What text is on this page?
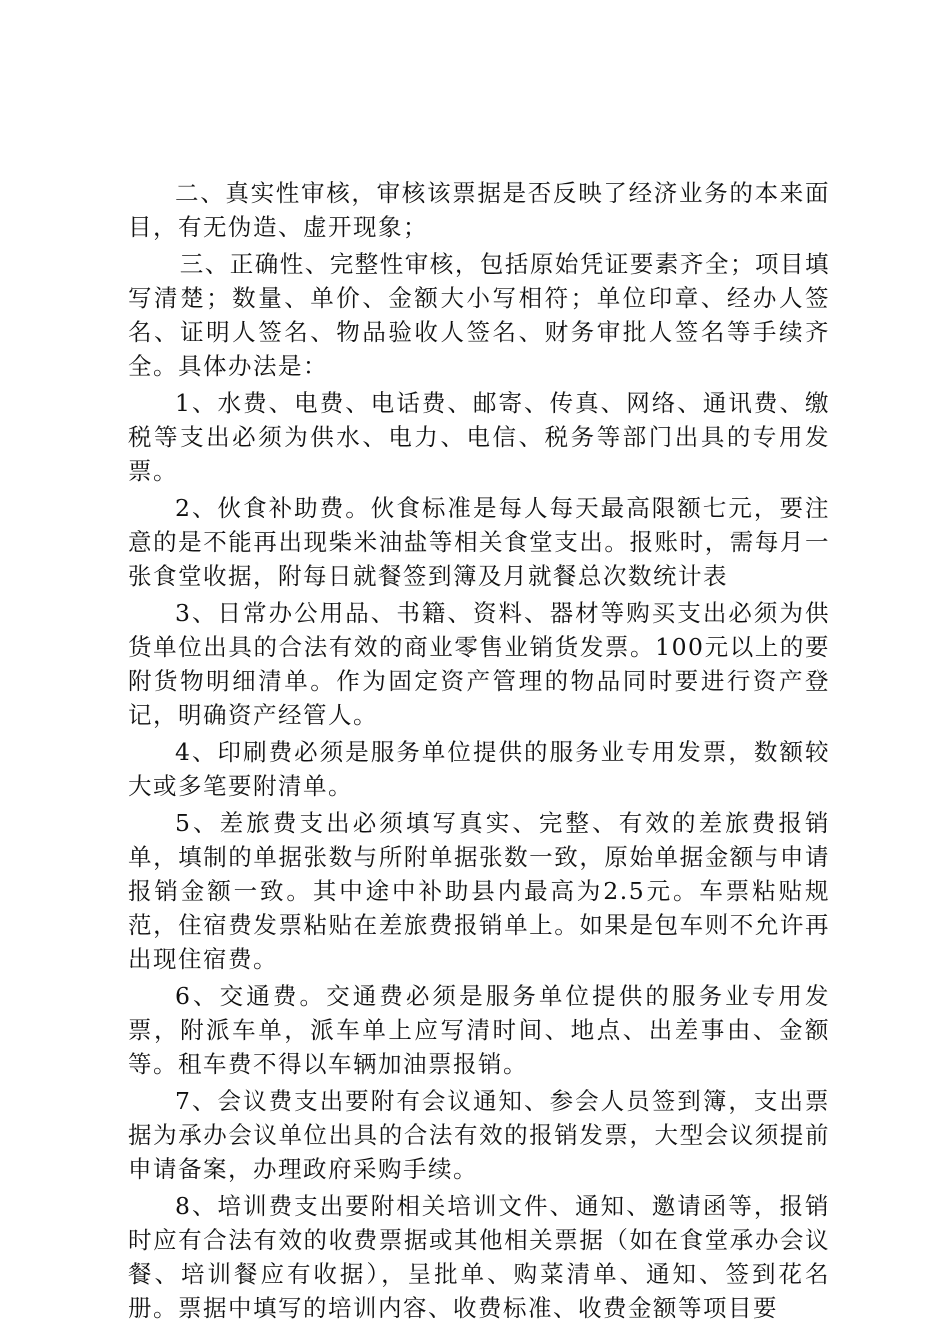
二、真实性审核，审核该票据是否反映了经济业务的本来面目，有无伪造、虚开现象；

三、正确性、完整性审核，包括原始凭证要素齐全；项目填写清楚；数量、单价、金额大小写相符；单位印章、经办人签名、证明人签名、物品验收人签名、财务审批人签名等手续齐全。具体办法是：

1、水费、电费、电话费、邮寄、传真、网络、通讯费、缴税等支出必须为供水、电力、电信、税务等部门出具的专用发票。

2、伙食补助费。伙食标准是每人每天最高限额七元，要注意的是不能再出现柴米油盐等相关食堂支出。报账时，需每月一张食堂收据，附每日就餐签到簿及月就餐总次数统计表

3、日常办公用品、书籍、资料、器材等购买支出必须为供货单位出具的合法有效的商业零售业销货发票。100元以上的要附货物明细清单。作为固定资产管理的物品同时要进行资产登记，明确资产经管人。

4、印刷费必须是服务单位提供的服务业专用发票，数额较大或多笔要附清单。

5、差旅费支出必须填写真实、完整、有效的差旅费报销单，填制的单据张数与所附单据张数一致，原始单据金额与申请报销金额一致。其中途中补助县内最高为2.5元。车票粘贴规范，住宿费发票粘贴在差旅费报销单上。如果是包车则不允许再出现住宿费。

6、交通费。交通费必须是服务单位提供的服务业专用发票，附派车单，派车单上应写清时间、地点、出差事由、金额等。租车费不得以车辆加油票报销。

7、会议费支出要附有会议通知、参会人员签到簿，支出票据为承办会议单位出具的合法有效的报销发票，大型会议须提前申请备案，办理政府采购手续。

8、培训费支出要附相关培训文件、通知、邀请函等，报销时应有合法有效的收费票据或其他相关票据（如在食堂承办会议餐、培训餐应有收据），呈批单、购菜清单、通知、签到花名册。票据中填写的培训内容、收费标准、收费金额等项目要
